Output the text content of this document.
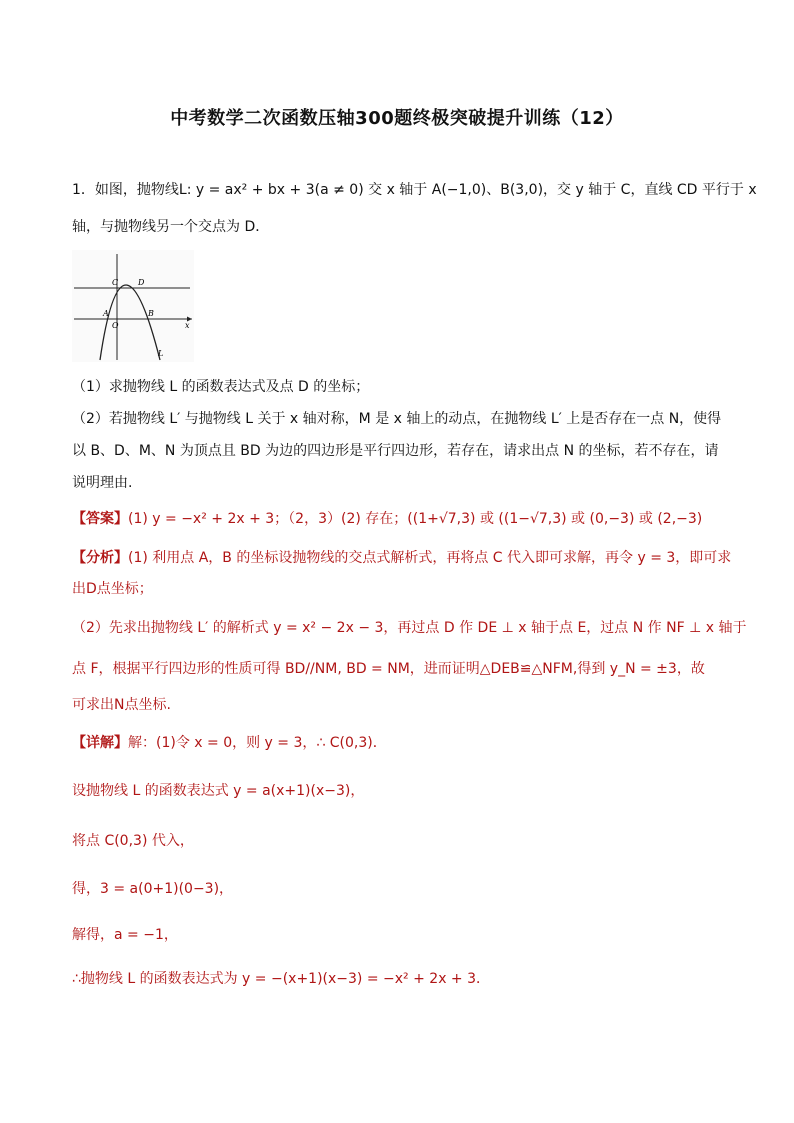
中考数学二次函数压轴300题终极突破提升训练（12）
1．如图，抛物线L: y = ax² + bx + 3(a ≠ 0) 交 x 轴于 A(−1,0)、B(3,0)，交 y 轴于 C，直线 CD 平行于 x
轴，与抛物线另一个交点为 D．
C D
A
O
B
x
L
（1）求抛物线 L 的函数表达式及点 D 的坐标；
（2）若抛物线 L′ 与抛物线 L 关于 x 轴对称，M 是 x 轴上的动点，在抛物线 L′ 上是否存在一点 N，使得
以 B、D、M、N 为顶点且 BD 为边的四边形是平行四边形，若存在，请求出点 N 的坐标，若不存在，请
说明理由.
【答案】(1) y = −x² + 2x + 3；（2，3）(2) 存在；((1+√7,3) 或 ((1−√7,3) 或 (0,−3) 或 (2,−3)
【分析】(1) 利用点 A，B 的坐标设抛物线的交点式解析式，再将点 C 代入即可求解，再令 y = 3，即可求
出D点坐标；
（2）先求出抛物线 L′ 的解析式 y = x² − 2x − 3，再过点 D 作 DE ⊥ x 轴于点 E，过点 N 作 NF ⊥ x 轴于
点 F，根据平行四边形的性质可得 BD//NM, BD = NM，进而证明△DEB≌△NFM,得到 y_N = ±3，故
可求出N点坐标.
【详解】解：(1)令 x = 0，则 y = 3，∴ C(0,3)．
设抛物线 L 的函数表达式 y = a(x+1)(x−3)，
将点 C(0,3) 代入，
得，3 = a(0+1)(0−3)，
解得，a = −1，
∴抛物线 L 的函数表达式为 y = −(x+1)(x−3) = −x² + 2x + 3．
